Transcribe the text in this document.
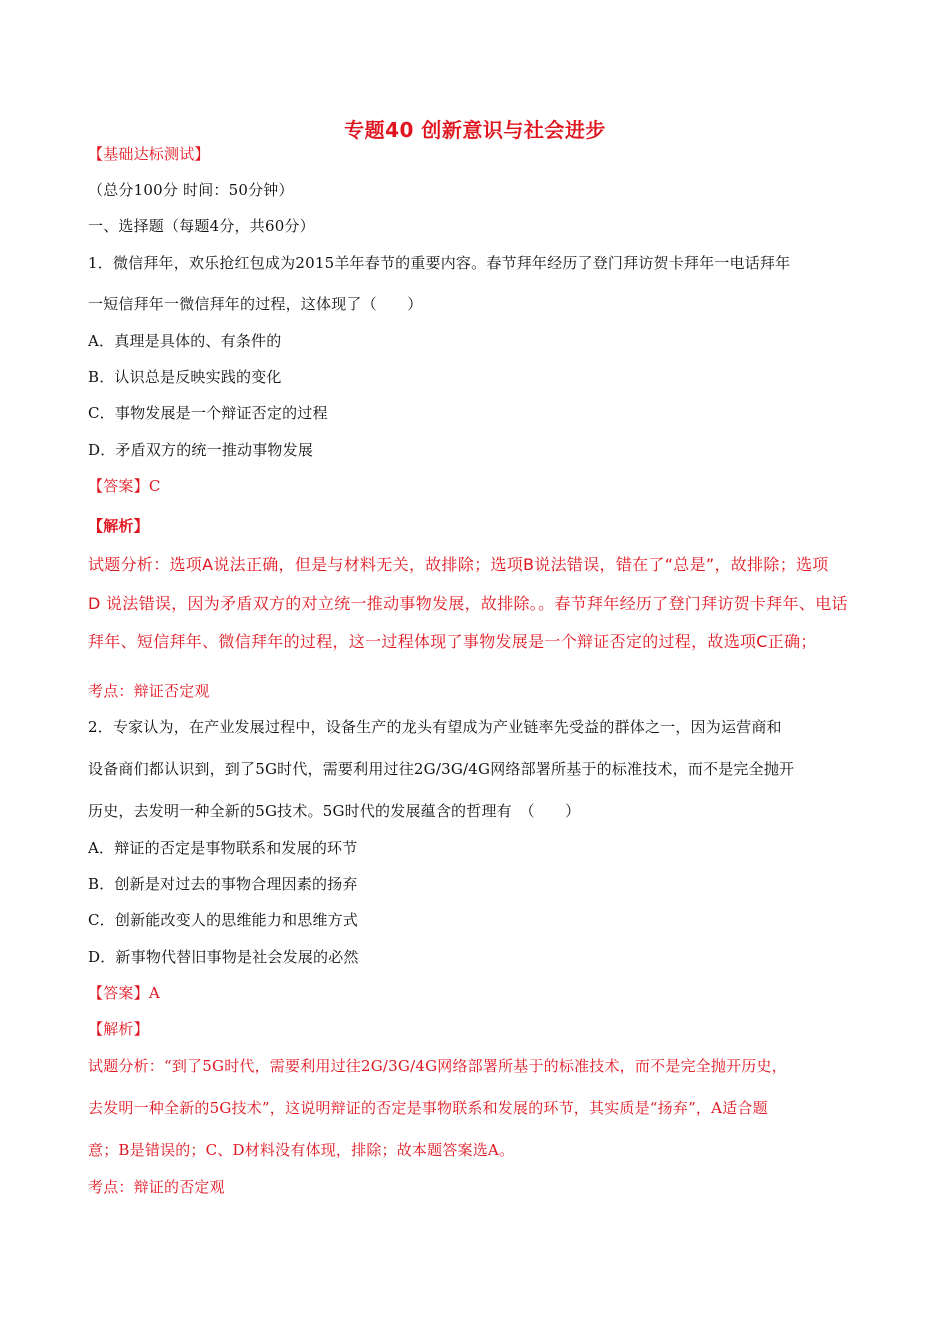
专题40 创新意识与社会进步
【基础达标测试】
（总分100分 时间：50分钟）
一、选择题（每题4分，共60分）
1．微信拜年，欢乐抢红包成为2015羊年春节的重要内容。春节拜年经历了登门拜访贺卡拜年一电话拜年
一短信拜年一微信拜年的过程，这体现了（　　）
A．真理是具体的、有条件的
B．认识总是反映实践的变化
C．事物发展是一个辩证否定的过程
D．矛盾双方的统一推动事物发展
【答案】C
【解析】
试题分析：选项A说法正确，但是与材料无关，故排除；选项B说法错误，错在了“总是”，故排除；选项
D 说法错误，因为矛盾双方的对立统一推动事物发展，故排除。。春节拜年经历了登门拜访贺卡拜年、电话
拜年、短信拜年、微信拜年的过程，这一过程体现了事物发展是一个辩证否定的过程，故选项C正确；
考点：辩证否定观
2．专家认为，在产业发展过程中，设备生产的龙头有望成为产业链率先受益的群体之一，因为运营商和
设备商们都认识到，到了5G时代，需要利用过往2G/3G/4G网络部署所基于的标准技术，而不是完全抛开
历史，去发明一种全新的5G技术。5G时代的发展蕴含的哲理有　（　　）
A．辩证的否定是事物联系和发展的环节
B．创新是对过去的事物合理因素的扬弃
C．创新能改变人的思维能力和思维方式
D．新事物代替旧事物是社会发展的必然
【答案】A
【解析】
试题分析：“到了5G时代，需要利用过往2G/3G/4G网络部署所基于的标准技术，而不是完全抛开历史，
去发明一种全新的5G技术”，这说明辩证的否定是事物联系和发展的环节，其实质是“扬弃”，A适合题
意；B是错误的；C、D材料没有体现，排除；故本题答案选A。
考点：辩证的否定观
